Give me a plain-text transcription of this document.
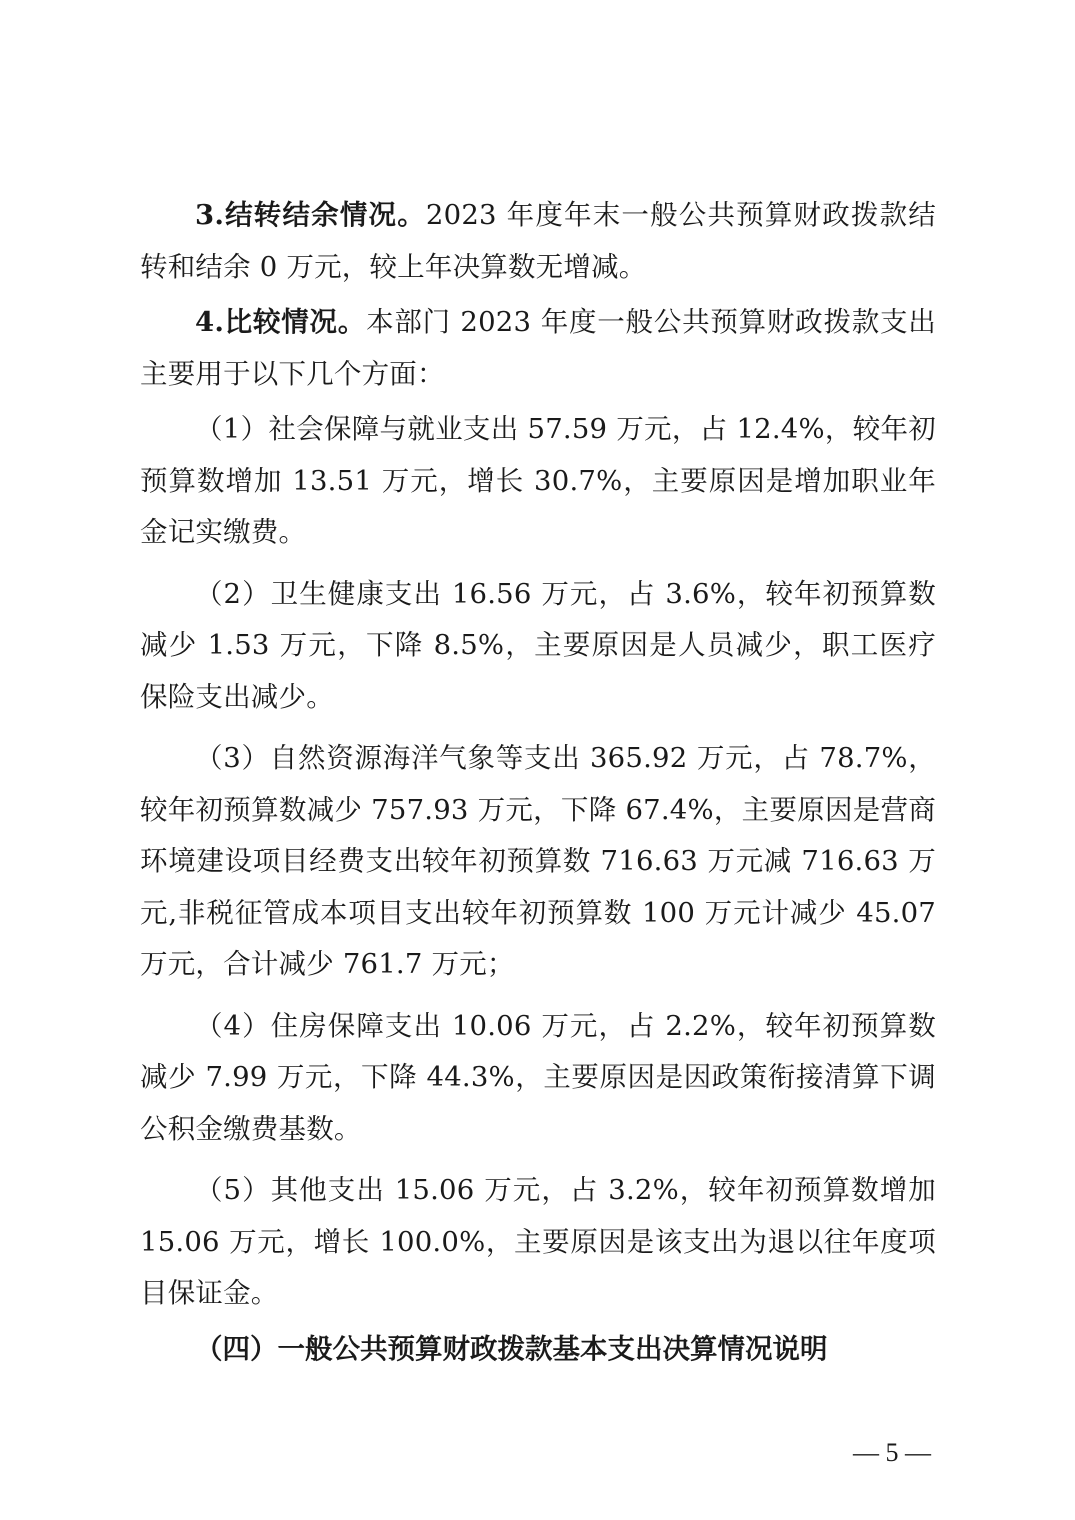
3.结转结余情况。2023 年度年末一般公共预算财政拨款结转和结余 0 万元，较上年决算数无增减。

4.比较情况。本部门 2023 年度一般公共预算财政拨款支出主要用于以下几个方面：

（1）社会保障与就业支出 57.59 万元，占 12.4%，较年初预算数增加 13.51 万元，增长 30.7%，主要原因是增加职业年金记实缴费。

（2）卫生健康支出 16.56 万元，占 3.6%，较年初预算数减少 1.53 万元，下降 8.5%，主要原因是人员减少，职工医疗保险支出减少。

（3）自然资源海洋气象等支出 365.92 万元，占 78.7%，较年初预算数减少 757.93 万元，下降 67.4%，主要原因是营商环境建设项目经费支出较年初预算数 716.63 万元减 716.63 万元,非税征管成本项目支出较年初预算数 100 万元计减少 45.07 万元，合计减少 761.7 万元；

（4）住房保障支出 10.06 万元，占 2.2%，较年初预算数减少 7.99 万元，下降 44.3%，主要原因是因政策衔接清算下调公积金缴费基数。

（5）其他支出 15.06 万元，占 3.2%，较年初预算数增加 15.06 万元，增长 100.0%，主要原因是该支出为退以往年度项目保证金。

（四）一般公共预算财政拨款基本支出决算情况说明

— 5 —
